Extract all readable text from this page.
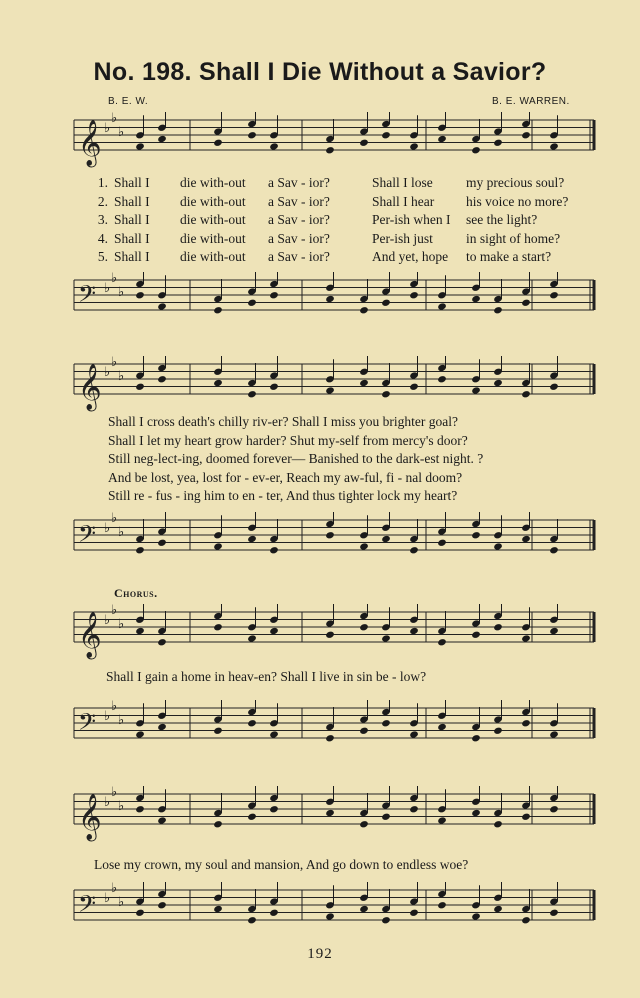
No. 198. Shall I Die Without a Savior?
B. E. W.	B. E. WARREN.
𝄞 ♭
♭
♭
𝄢 ♭
♭
♭
𝄞 ♭
♭
♭
𝄢 ♭
♭
♭
𝄞 ♭
♭
♭
𝄢 ♭
♭
♭
𝄞 ♭
♭
♭
𝄢 ♭
♭
♭
1. Shall I die with-out a Sav - ior?	Shall I lose my precious soul?
2. Shall I die with-out a Sav - ior?	Shall I hear his voice no more?
3. Shall I die with-out a Sav - ior?	Per-ish when I see the light?
4. Shall I die with-out a Sav - ior?	Per-ish just in sight of home?
5. Shall I die with-out a Sav - ior?	And yet, hope to make a start?
Shall I cross death's chilly riv-er? Shall I miss you brighter goal?
Shall I let my heart grow harder? Shut my-self from mercy's door?
Still neg-lect-ing, doomed forever— Banished to the dark-est night. ?
And be lost, yea, lost for - ev-er, Reach my aw-ful, fi - nal doom?
Still re - fus - ing him to en - ter, And thus tighter lock my heart?
Chorus.
Shall I gain a home in heav-en? Shall I live in sin be - low?
Lose my crown, my soul and mansion, And go down to endless woe?
192
